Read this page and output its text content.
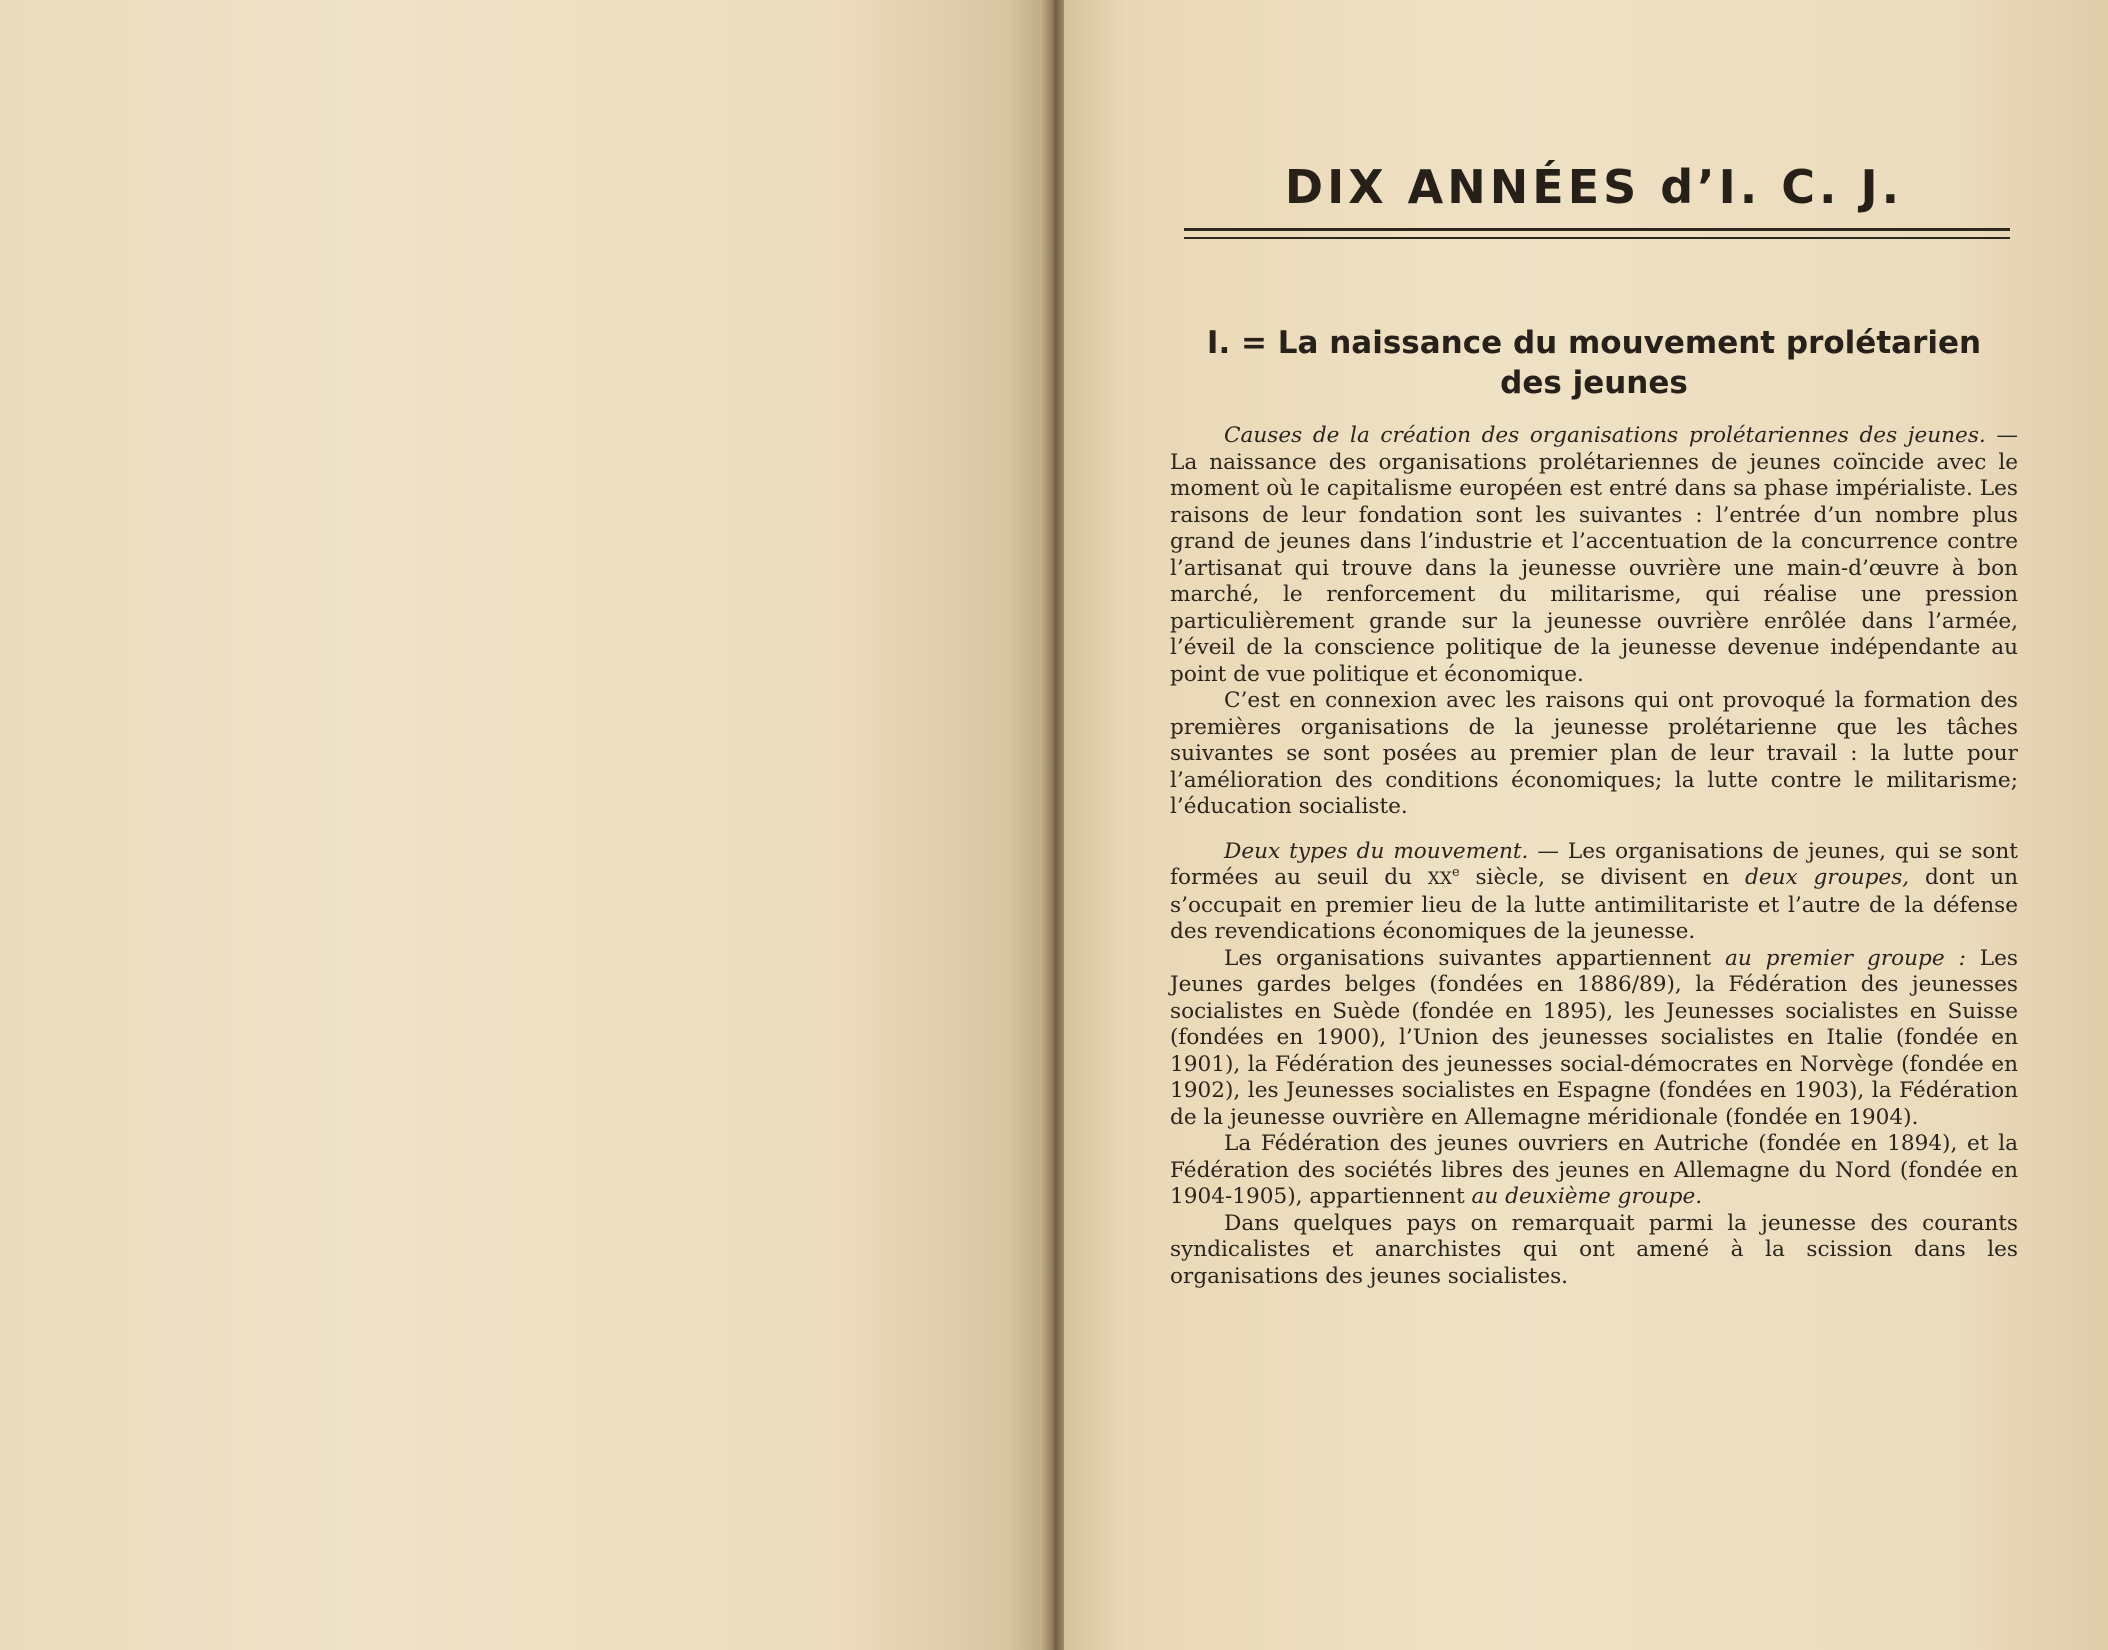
DIX ANNÉES d’I. C. J.
I. = La naissance du mouvement prolétarien
des jeunes

Causes de la création des organisations prolétariennes des jeunes. — La naissance des organisations prolétariennes de jeunes coïncide avec le moment où le capitalisme européen est entré dans sa phase impérialiste. Les raisons de leur fondation sont les suivantes : l’entrée d’un nombre plus grand de jeunes dans l’industrie et l’accentuation de la concurrence contre l’artisanat qui trouve dans la jeunesse ouvrière une main-d’œuvre à bon marché, le renforcement du militarisme, qui réalise une pression particulièrement grande sur la jeunesse ouvrière enrôlée dans l’armée, l’éveil de la conscience politique de la jeunesse devenue indépendante au point de vue politique et économique.

C’est en connexion avec les raisons qui ont provoqué la formation des premières organisations de la jeunesse prolétarienne que les tâches suivantes se sont posées au premier plan de leur travail : la lutte pour l’amélioration des conditions économiques; la lutte contre le militarisme; l’éducation socialiste.

Deux types du mouvement. — Les organisations de jeunes, qui se sont formées au seuil du XXe siècle, se divisent en deux groupes, dont un s’occupait en premier lieu de la lutte antimilitariste et l’autre de la défense des revendications économiques de la jeunesse.

Les organisations suivantes appartiennent au premier groupe : Les Jeunes gardes belges (fondées en 1886/89), la Fédération des jeunesses socialistes en Suède (fondée en 1895), les Jeunesses socialistes en Suisse (fondées en 1900), l’Union des jeunesses socialistes en Italie (fondée en 1901), la Fédération des jeunesses social-démocrates en Norvège (fondée en 1902), les Jeunesses socialistes en Espagne (fondées en 1903), la Fédération de la jeunesse ouvrière en Allemagne méridionale (fondée en 1904).

La Fédération des jeunes ouvriers en Autriche (fondée en 1894), et la Fédération des sociétés libres des jeunes en Allemagne du Nord (fondée en 1904-1905), appartiennent au deuxième groupe.

Dans quelques pays on remarquait parmi la jeunesse des courants syndicalistes et anarchistes qui ont amené à la scission dans les organisations des jeunes socialistes.
